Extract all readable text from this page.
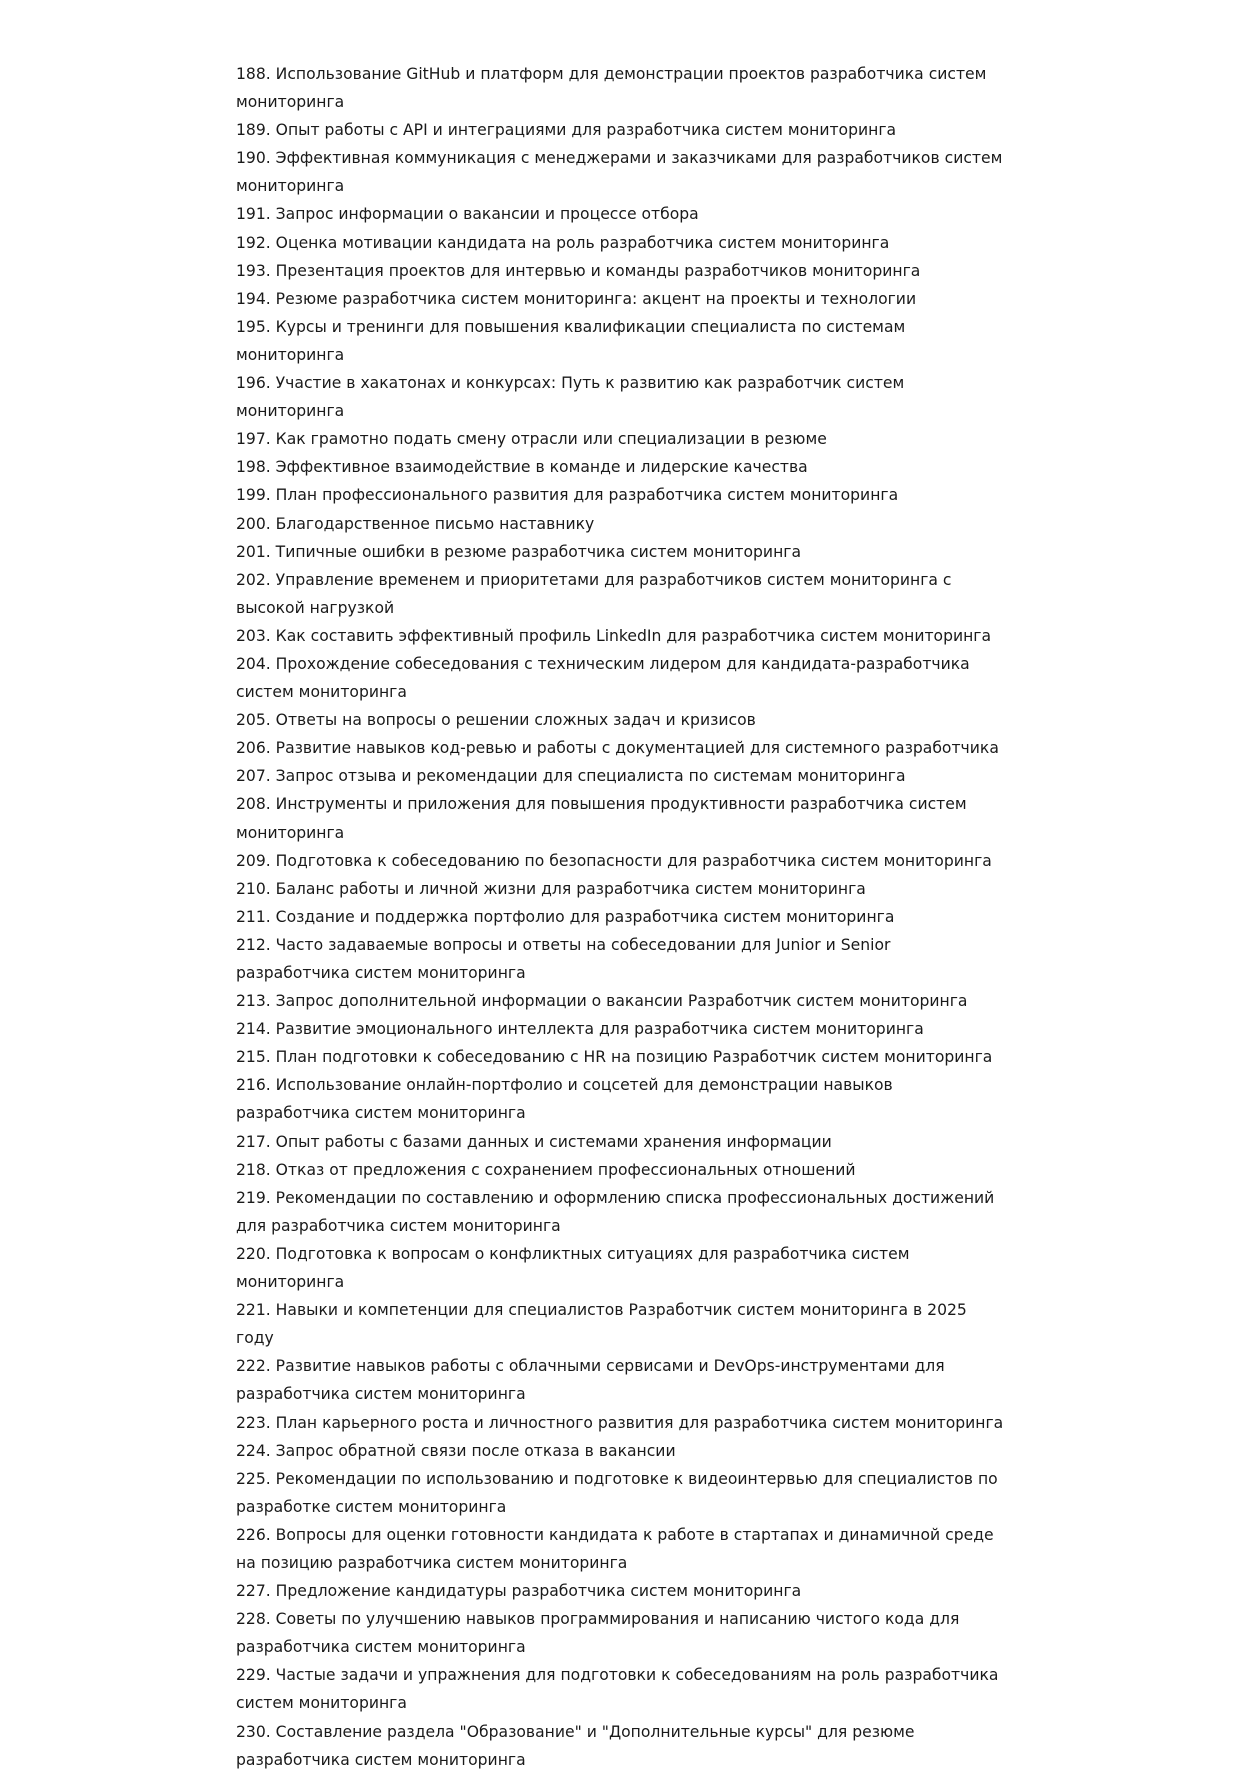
188. Использование GitHub и платформ для демонстрации проектов разработчика систем мониторинга
189. Опыт работы с API и интеграциями для разработчика систем мониторинга
190. Эффективная коммуникация с менеджерами и заказчиками для разработчиков систем мониторинга
191. Запрос информации о вакансии и процессе отбора
192. Оценка мотивации кандидата на роль разработчика систем мониторинга
193. Презентация проектов для интервью и команды разработчиков мониторинга
194. Резюме разработчика систем мониторинга: акцент на проекты и технологии
195. Курсы и тренинги для повышения квалификации специалиста по системам мониторинга
196. Участие в хакатонах и конкурсах: Путь к развитию как разработчик систем мониторинга
197. Как грамотно подать смену отрасли или специализации в резюме
198. Эффективное взаимодействие в команде и лидерские качества
199. План профессионального развития для разработчика систем мониторинга
200. Благодарственное письмо наставнику
201. Типичные ошибки в резюме разработчика систем мониторинга
202. Управление временем и приоритетами для разработчиков систем мониторинга с высокой нагрузкой
203. Как составить эффективный профиль LinkedIn для разработчика систем мониторинга
204. Прохождение собеседования с техническим лидером для кандидата-разработчика систем мониторинга
205. Ответы на вопросы о решении сложных задач и кризисов
206. Развитие навыков код-ревью и работы с документацией для системного разработчика
207. Запрос отзыва и рекомендации для специалиста по системам мониторинга
208. Инструменты и приложения для повышения продуктивности разработчика систем мониторинга
209. Подготовка к собеседованию по безопасности для разработчика систем мониторинга
210. Баланс работы и личной жизни для разработчика систем мониторинга
211. Создание и поддержка портфолио для разработчика систем мониторинга
212. Часто задаваемые вопросы и ответы на собеседовании для Junior и Senior разработчика систем мониторинга
213. Запрос дополнительной информации о вакансии Разработчик систем мониторинга
214. Развитие эмоционального интеллекта для разработчика систем мониторинга
215. План подготовки к собеседованию с HR на позицию Разработчик систем мониторинга
216. Использование онлайн-портфолио и соцсетей для демонстрации навыков разработчика систем мониторинга
217. Опыт работы с базами данных и системами хранения информации
218. Отказ от предложения с сохранением профессиональных отношений
219. Рекомендации по составлению и оформлению списка профессиональных достижений для разработчика систем мониторинга
220. Подготовка к вопросам о конфликтных ситуациях для разработчика систем мониторинга
221. Навыки и компетенции для специалистов Разработчик систем мониторинга в 2025 году
222. Развитие навыков работы с облачными сервисами и DevOps-инструментами для разработчика систем мониторинга
223. План карьерного роста и личностного развития для разработчика систем мониторинга
224. Запрос обратной связи после отказа в вакансии
225. Рекомендации по использованию и подготовке к видеоинтервью для специалистов по разработке систем мониторинга
226. Вопросы для оценки готовности кандидата к работе в стартапах и динамичной среде на позицию разработчика систем мониторинга
227. Предложение кандидатуры разработчика систем мониторинга
228. Советы по улучшению навыков программирования и написанию чистого кода для разработчика систем мониторинга
229. Частые задачи и упражнения для подготовки к собеседованиям на роль разработчика систем мониторинга
230. Составление раздела "Образование" и "Дополнительные курсы" для резюме разработчика систем мониторинга
